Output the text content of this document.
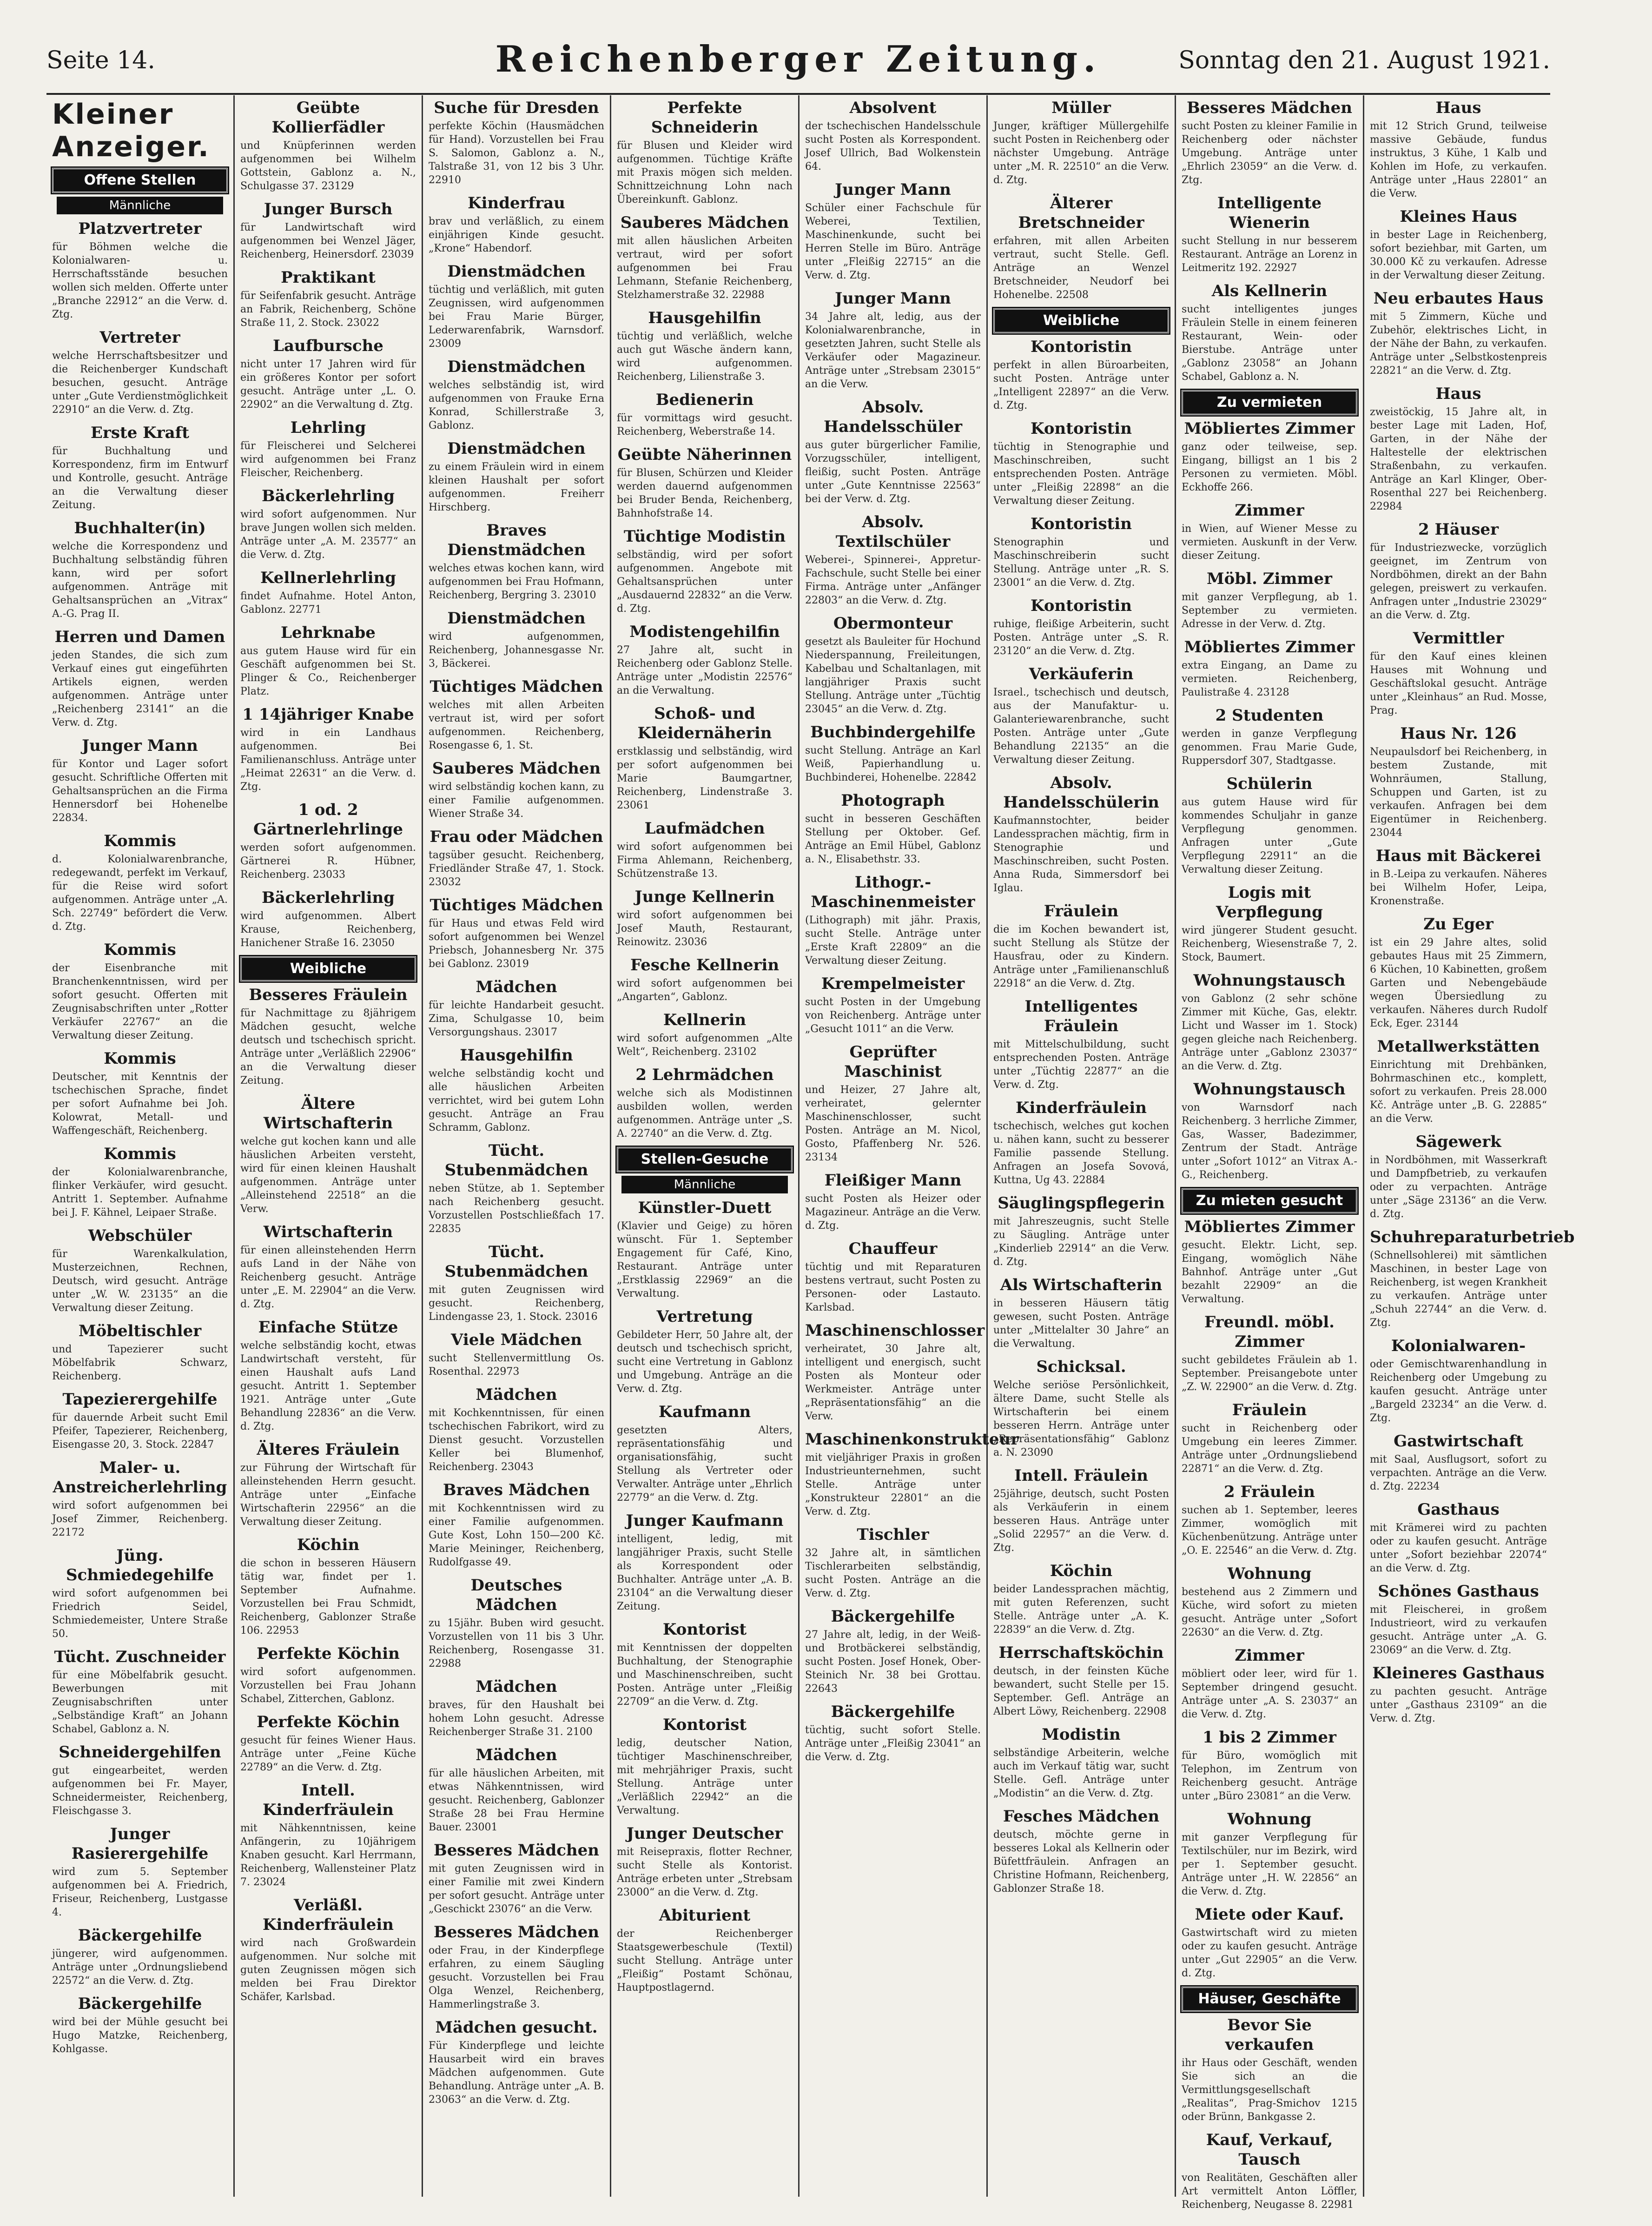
Seite 14.	Reichenberger Zeitung.	Sonntag den 21. August 1921.
Kleiner Anzeiger.
Offene Stellen
Männliche
Platzvertreter
für Böhmen welche die Kolonialwaren- u. Herrschaftsstände besuchen wollen sich melden. Offerte unter „Branche 22912“ an die Verw. d. Ztg.
Vertreter
welche Herrschaftsbesitzer und die Reichenberger Kundschaft besuchen, gesucht. Anträge unter „Gute Verdienstmöglichkeit 22910“ an die Verw. d. Ztg.
Erste Kraft
für Buchhaltung und Korrespondenz, firm im Entwurf und Kontrolle, gesucht. Anträge an die Verwaltung dieser Zeitung.
Buchhalter(in)
welche die Korrespondenz und Buchhaltung selbständig führen kann, wird per sofort aufgenommen. Anträge mit Gehaltsansprüchen an „Vitrax“ A.-G. Prag II.
Herren und Damen
jeden Standes, die sich zum Verkauf eines gut eingeführten Artikels eignen, werden aufgenommen. Anträge unter „Reichenberg 23141“ an die Verw. d. Ztg.
Junger Mann
für Kontor und Lager sofort gesucht. Schriftliche Offerten mit Gehaltsansprüchen an die Firma Hennersdorf bei Hohenelbe 22834.
Kommis
d. Kolonialwarenbranche, redegewandt, perfekt im Verkauf, für die Reise wird sofort aufgenommen. Anträge unter „A. Sch. 22749“ befördert die Verw. d. Ztg.
Kommis
der Eisenbranche mit Branchenkenntnissen, wird per sofort gesucht. Offerten mit Zeugnisabschriften unter „Rotter Verkäufer 22767“ an die Verwaltung dieser Zeitung.
Kommis
Deutscher, mit Kenntnis der tschechischen Sprache, findet per sofort Aufnahme bei Joh. Kolowrat, Metall- und Waffengeschäft, Reichenberg.
Kommis
der Kolonialwarenbranche, flinker Verkäufer, wird gesucht. Antritt 1. September. Aufnahme bei J. F. Kähnel, Leipaer Straße.
Webschüler
für Warenkalkulation, Musterzeichnen, Rechnen, Deutsch, wird gesucht. Anträge unter „W. W. 23135“ an die Verwaltung dieser Zeitung.
Möbeltischler
und Tapezierer sucht Möbelfabrik Schwarz, Reichenberg.
Tapezierergehilfe
für dauernde Arbeit sucht Emil Pfeifer, Tapezierer, Reichenberg, Eisengasse 20, 3. Stock. 22847
Maler- u. Anstreicherlehrling
wird sofort aufgenommen bei Josef Zimmer, Reichenberg. 22172
Jüng. Schmiedegehilfe
wird sofort aufgenommen bei Friedrich Seidel, Schmiedemeister, Untere Straße 50.
Tücht. Zuschneider
für eine Möbelfabrik gesucht. Bewerbungen mit Zeugnisabschriften unter „Selbständige Kraft“ an Johann Schabel, Gablonz a. N.
Schneidergehilfen
gut eingearbeitet, werden aufgenommen bei Fr. Mayer, Schneidermeister, Reichenberg, Fleischgasse 3.
Junger Rasierergehilfe
wird zum 5. September aufgenommen bei A. Friedrich, Friseur, Reichenberg, Lustgasse 4.
Bäckergehilfe
jüngerer, wird aufgenommen. Anträge unter „Ordnungsliebend 22572“ an die Verw. d. Ztg.
Bäckergehilfe
wird bei der Mühle gesucht bei Hugo Matzke, Reichenberg, Kohlgasse.
Geübte Kollierfädler
und Knüpferinnen werden aufgenommen bei Wilhelm Gottstein, Gablonz a. N., Schulgasse 37. 23129
Junger Bursch
für Landwirtschaft wird aufgenommen bei Wenzel Jäger, Reichenberg, Heinersdorf. 23039
Praktikant
für Seifenfabrik gesucht. Anträge an Fabrik, Reichenberg, Schöne Straße 11, 2. Stock. 23022
Laufbursche
nicht unter 17 Jahren wird für ein größeres Kontor per sofort gesucht. Anträge unter „L. O. 22902“ an die Verwaltung d. Ztg.
Lehrling
für Fleischerei und Selcherei wird aufgenommen bei Franz Fleischer, Reichenberg.
Bäckerlehrling
wird sofort aufgenommen. Nur brave Jungen wollen sich melden. Anträge unter „A. M. 23577“ an die Verw. d. Ztg.
Kellnerlehrling
findet Aufnahme. Hotel Anton, Gablonz. 22771
Lehrknabe
aus gutem Hause wird für ein Geschäft aufgenommen bei St. Plinger & Co., Reichenberger Platz.
1 14jähriger Knabe
wird in ein Landhaus aufgenommen. Bei Familienanschluss. Anträge unter „Heimat 22631“ an die Verw. d. Ztg.
1 od. 2 Gärtnerlehrlinge
werden sofort aufgenommen. Gärtnerei R. Hübner, Reichenberg. 23033
Bäckerlehrling
wird aufgenommen. Albert Krause, Reichenberg, Hanichener Straße 16. 23050
Weibliche
Besseres Fräulein
für Nachmittage zu 8jährigem Mädchen gesucht, welche deutsch und tschechisch spricht. Anträge unter „Verläßlich 22906“ an die Verwaltung dieser Zeitung.
Ältere Wirtschafterin
welche gut kochen kann und alle häuslichen Arbeiten versteht, wird für einen kleinen Haushalt aufgenommen. Anträge unter „Alleinstehend 22518“ an die Verw.
Wirtschafterin
für einen alleinstehenden Herrn aufs Land in der Nähe von Reichenberg gesucht. Anträge unter „E. M. 22904“ an die Verw. d. Ztg.
Einfache Stütze
welche selbständig kocht, etwas Landwirtschaft versteht, für einen Haushalt aufs Land gesucht. Antritt 1. September 1921. Anträge unter „Gute Behandlung 22836“ an die Verw. d. Ztg.
Älteres Fräulein
zur Führung der Wirtschaft für alleinstehenden Herrn gesucht. Anträge unter „Einfache Wirtschafterin 22956“ an die Verwaltung dieser Zeitung.
Köchin
die schon in besseren Häusern tätig war, findet per 1. September Aufnahme. Vorzustellen bei Frau Schmidt, Reichenberg, Gablonzer Straße 106. 22953
Perfekte Köchin
wird sofort aufgenommen. Vorzustellen bei Frau Johann Schabel, Zitterchen, Gablonz.
Perfekte Köchin
gesucht für feines Wiener Haus. Anträge unter „Feine Küche 22789“ an die Verw. d. Ztg.
Intell. Kinderfräulein
mit Nähkenntnissen, keine Anfängerin, zu 10jährigem Knaben gesucht. Karl Herrmann, Reichenberg, Wallensteiner Platz 7. 23024
Verläßl. Kinderfräulein
wird nach Großwardein aufgenommen. Nur solche mit guten Zeugnissen mögen sich melden bei Frau Direktor Schäfer, Karlsbad.
Suche für Dresden
perfekte Köchin (Hausmädchen für Hand). Vorzustellen bei Frau S. Salomon, Gablonz a. N., Talstraße 31, von 12 bis 3 Uhr. 22910
Kinderfrau
brav und verläßlich, zu einem einjährigen Kinde gesucht. „Krone“ Habendorf.
Dienstmädchen
tüchtig und verläßlich, mit guten Zeugnissen, wird aufgenommen bei Frau Marie Bürger, Lederwarenfabrik, Warnsdorf. 23009
Dienstmädchen
welches selbständig ist, wird aufgenommen von Frauke Erna Konrad, Schillerstraße 3, Gablonz.
Dienstmädchen
zu einem Fräulein wird in einem kleinen Haushalt per sofort aufgenommen. Freiherr Hirschberg.
Braves Dienstmädchen
welches etwas kochen kann, wird aufgenommen bei Frau Hofmann, Reichenberg, Bergring 3. 23010
Dienstmädchen
wird aufgenommen, Reichenberg, Johannesgasse Nr. 3, Bäckerei.
Tüchtiges Mädchen
welches mit allen Arbeiten vertraut ist, wird per sofort aufgenommen. Reichenberg, Rosengasse 6, 1. St.
Sauberes Mädchen
wird selbständig kochen kann, zu einer Familie aufgenommen. Wiener Straße 34.
Frau oder Mädchen
tagsüber gesucht. Reichenberg, Friedländer Straße 47, 1. Stock. 23032
Tüchtiges Mädchen
für Haus und etwas Feld wird sofort aufgenommen bei Wenzel Priebsch, Johannesberg Nr. 375 bei Gablonz. 23019
Mädchen
für leichte Handarbeit gesucht. Zima, Schulgasse 10, beim Versorgungshaus. 23017
Hausgehilfin
welche selbständig kocht und alle häuslichen Arbeiten verrichtet, wird bei gutem Lohn gesucht. Anträge an Frau Schramm, Gablonz.
Tücht. Stubenmädchen
neben Stütze, ab 1. September nach Reichenberg gesucht. Vorzustellen Postschließfach 17. 22835
Tücht. Stubenmädchen
mit guten Zeugnissen wird gesucht. Reichenberg, Lindengasse 23, 1. Stock. 23016
Viele Mädchen
sucht Stellenvermittlung Os. Rosenthal. 22973
Mädchen
mit Kochkenntnissen, für einen tschechischen Fabrikort, wird zu Dienst gesucht. Vorzustellen Keller bei Blumenhof, Reichenberg. 23043
Braves Mädchen
mit Kochkenntnissen wird zu einer Familie aufgenommen. Gute Kost, Lohn 150—200 Kč. Marie Meininger, Reichenberg, Rudolfgasse 49.
Deutsches Mädchen
zu 15jähr. Buben wird gesucht. Vorzustellen von 11 bis 3 Uhr. Reichenberg, Rosengasse 31. 22988
Mädchen
braves, für den Haushalt bei hohem Lohn gesucht. Adresse Reichenberger Straße 31. 2100
Mädchen
für alle häuslichen Arbeiten, mit etwas Nähkenntnissen, wird gesucht. Reichenberg, Gablonzer Straße 28 bei Frau Hermine Bauer. 23001
Besseres Mädchen
mit guten Zeugnissen wird in einer Familie mit zwei Kindern per sofort gesucht. Anträge unter „Geschickt 23076“ an die Verw.
Besseres Mädchen
oder Frau, in der Kinderpflege erfahren, zu einem Säugling gesucht. Vorzustellen bei Frau Olga Wenzel, Reichenberg, Hammerlingstraße 3.
Mädchen gesucht.
Für Kinderpflege und leichte Hausarbeit wird ein braves Mädchen aufgenommen. Gute Behandlung. Anträge unter „A. B. 23063“ an die Verw. d. Ztg.
Perfekte Schneiderin
für Blusen und Kleider wird aufgenommen. Tüchtige Kräfte mit Praxis mögen sich melden. Schnittzeichnung Lohn nach Übereinkunft. Gablonz.
Sauberes Mädchen
mit allen häuslichen Arbeiten vertraut, wird per sofort aufgenommen bei Frau Lehmann, Stefanie Reichenberg, Stelzhamerstraße 32. 22988
Hausgehilfin
tüchtig und verläßlich, welche auch gut Wäsche ändern kann, wird aufgenommen. Reichenberg, Lilienstraße 3.
Bedienerin
für vormittags wird gesucht. Reichenberg, Weberstraße 14.
Geübte Näherinnen
für Blusen, Schürzen und Kleider werden dauernd aufgenommen bei Bruder Benda, Reichenberg, Bahnhofstraße 14.
Tüchtige Modistin
selbständig, wird per sofort aufgenommen. Angebote mit Gehaltsansprüchen unter „Ausdauernd 22832“ an die Verw. d. Ztg.
Modistengehilfin
27 Jahre alt, sucht in Reichenberg oder Gablonz Stelle. Anträge unter „Modistin 22576“ an die Verwaltung.
Schoß- und Kleidernäherin
erstklassig und selbständig, wird per sofort aufgenommen bei Marie Baumgartner, Reichenberg, Lindenstraße 3. 23061
Laufmädchen
wird sofort aufgenommen bei Firma Ahlemann, Reichenberg, Schützenstraße 13.
Junge Kellnerin
wird sofort aufgenommen bei Josef Mauth, Restaurant, Reinowitz. 23036
Fesche Kellnerin
wird sofort aufgenommen bei „Angarten“, Gablonz.
Kellnerin
wird sofort aufgenommen „Alte Welt“, Reichenberg. 23102
2 Lehrmädchen
welche sich als Modistinnen ausbilden wollen, werden aufgenommen. Anträge unter „S. A. 22740“ an die Verw. d. Ztg.
Stellen-Gesuche
Männliche
Künstler-Duett
(Klavier und Geige) zu hören wünscht. Für 1. September Engagement für Café, Kino, Restaurant. Anträge unter „Erstklassig 22969“ an die Verwaltung.
Vertretung
Gebildeter Herr, 50 Jahre alt, der deutsch und tschechisch spricht, sucht eine Vertretung in Gablonz und Umgebung. Anträge an die Verw. d. Ztg.
Kaufmann
gesetzten Alters, repräsentationsfähig und organisationsfähig, sucht Stellung als Vertreter oder Verwalter. Anträge unter „Ehrlich 22779“ an die Verw. d. Ztg.
Junger Kaufmann
intelligent, ledig, mit langjähriger Praxis, sucht Stelle als Korrespondent oder Buchhalter. Anträge unter „A. B. 23104“ an die Verwaltung dieser Zeitung.
Kontorist
mit Kenntnissen der doppelten Buchhaltung, der Stenographie und Maschinenschreiben, sucht Posten. Anträge unter „Fleißig 22709“ an die Verw. d. Ztg.
Kontorist
ledig, deutscher Nation, tüchtiger Maschinenschreiber, mit mehrjähriger Praxis, sucht Stellung. Anträge unter „Verläßlich 22942“ an die Verwaltung.
Junger Deutscher
mit Reisepraxis, flotter Rechner, sucht Stelle als Kontorist. Anträge erbeten unter „Strebsam 23000“ an die Verw. d. Ztg.
Abiturient
der Reichenberger Staatsgewerbeschule (Textil) sucht Stellung. Anträge unter „Fleißig“ Postamt Schönau, Hauptpostlagernd.
Absolvent
der tschechischen Handelsschule sucht Posten als Korrespondent. Josef Ullrich, Bad Wolkenstein 64.
Junger Mann
Schüler einer Fachschule für Weberei, Textilien, Maschinenkunde, sucht bei Herren Stelle im Büro. Anträge unter „Fleißig 22715“ an die Verw. d. Ztg.
Junger Mann
34 Jahre alt, ledig, aus der Kolonialwarenbranche, in gesetzten Jahren, sucht Stelle als Verkäufer oder Magazineur. Anträge unter „Strebsam 23015“ an die Verw.
Absolv. Handelsschüler
aus guter bürgerlicher Familie, Vorzugsschüler, intelligent, fleißig, sucht Posten. Anträge unter „Gute Kenntnisse 22563“ bei der Verw. d. Ztg.
Absolv. Textilschüler
Weberei-, Spinnerei-, Appretur-Fachschule, sucht Stelle bei einer Firma. Anträge unter „Anfänger 22803“ an die Verw. d. Ztg.
Obermonteur
gesetzt als Bauleiter für Hochund Niederspannung, Freileitungen, Kabelbau und Schaltanlagen, mit langjähriger Praxis sucht Stellung. Anträge unter „Tüchtig 23045“ an die Verw. d. Ztg.
Buchbindergehilfe
sucht Stellung. Anträge an Karl Weiß, Papierhandlung u. Buchbinderei, Hohenelbe. 22842
Photograph
sucht in besseren Geschäften Stellung per Oktober. Gef. Anträge an Emil Hübel, Gablonz a. N., Elisabethstr. 33.
Lithogr.-Maschinenmeister
(Lithograph) mit jähr. Praxis, sucht Stelle. Anträge unter „Erste Kraft 22809“ an die Verwaltung dieser Zeitung.
Krempelmeister
sucht Posten in der Umgebung von Reichenberg. Anträge unter „Gesucht 1011“ an die Verw.
Geprüfter Maschinist
und Heizer, 27 Jahre alt, verheiratet, gelernter Maschinenschlosser, sucht Posten. Anträge an M. Nicol, Gosto, Pfaffenberg Nr. 526. 23134
Fleißiger Mann
sucht Posten als Heizer oder Magazineur. Anträge an die Verw. d. Ztg.
Chauffeur
tüchtig und mit Reparaturen bestens vertraut, sucht Posten zu Personen- oder Lastauto. Karlsbad.
Maschinenschlosser
verheiratet, 30 Jahre alt, intelligent und energisch, sucht Posten als Monteur oder Werkmeister. Anträge unter „Repräsentationsfähig“ an die Verw.
Maschinenkonstrukteur
mit vieljähriger Praxis in großen Industrieunternehmen, sucht Stelle. Anträge unter „Konstrukteur 22801“ an die Verw. d. Ztg.
Tischler
32 Jahre alt, in sämtlichen Tischlerarbeiten selbständig, sucht Posten. Anträge an die Verw. d. Ztg.
Bäckergehilfe
27 Jahre alt, ledig, in der Weiß- und Brotbäckerei selbständig, sucht Posten. Josef Honek, Ober-Steinich Nr. 38 bei Grottau. 22643
Bäckergehilfe
tüchtig, sucht sofort Stelle. Anträge unter „Fleißig 23041“ an die Verw. d. Ztg.
Müller
Junger, kräftiger Müllergehilfe sucht Posten in Reichenberg oder nächster Umgebung. Anträge unter „M. R. 22510“ an die Verw. d. Ztg.
Älterer Bretschneider
erfahren, mit allen Arbeiten vertraut, sucht Stelle. Gefl. Anträge an Wenzel Bretschneider, Neudorf bei Hohenelbe. 22508
Weibliche
Kontoristin
perfekt in allen Büroarbeiten, sucht Posten. Anträge unter „Intelligent 22897“ an die Verw. d. Ztg.
Kontoristin
tüchtig in Stenographie und Maschinschreiben, sucht entsprechenden Posten. Anträge unter „Fleißig 22898“ an die Verwaltung dieser Zeitung.
Kontoristin
Stenographin und Maschinschreiberin sucht Stellung. Anträge unter „R. S. 23001“ an die Verw. d. Ztg.
Kontoristin
ruhige, fleißige Arbeiterin, sucht Posten. Anträge unter „S. R. 23120“ an die Verw. d. Ztg.
Verkäuferin
Israel., tschechisch und deutsch, aus der Manufaktur- u. Galanteriewarenbranche, sucht Posten. Anträge unter „Gute Behandlung 22135“ an die Verwaltung dieser Zeitung.
Absolv. Handelsschülerin
Kaufmannstochter, beider Landessprachen mächtig, firm in Stenographie und Maschinschreiben, sucht Posten. Anna Ruda, Simmersdorf bei Iglau.
Fräulein
die im Kochen bewandert ist, sucht Stellung als Stütze der Hausfrau, oder zu Kindern. Anträge unter „Familienanschluß 22918“ an die Verw. d. Ztg.
Intelligentes Fräulein
mit Mittelschulbildung, sucht entsprechenden Posten. Anträge unter „Tüchtig 22877“ an die Verw. d. Ztg.
Kinderfräulein
tschechisch, welches gut kochen u. nähen kann, sucht zu besserer Familie passende Stellung. Anfragen an Josefa Sovová, Kuttna, Ug 43. 22884
Säuglingspflegerin
mit Jahreszeugnis, sucht Stelle zu Säugling. Anträge unter „Kinderlieb 22914“ an die Verw. d. Ztg.
Als Wirtschafterin
in besseren Häusern tätig gewesen, sucht Posten. Anträge unter „Mittelalter 30 Jahre“ an die Verwaltung.
Schicksal.
Welche seriöse Persönlichkeit, ältere Dame, sucht Stelle als Wirtschafterin bei einem besseren Herrn. Anträge unter „Repräsentationsfähig“ Gablonz a. N. 23090
Intell. Fräulein
25jährige, deutsch, sucht Posten als Verkäuferin in einem besseren Haus. Anträge unter „Solid 22957“ an die Verw. d. Ztg.
Köchin
beider Landessprachen mächtig, mit guten Referenzen, sucht Stelle. Anträge unter „A. K. 22839“ an die Verw. d. Ztg.
Herrschaftsköchin
deutsch, in der feinsten Küche bewandert, sucht Stelle per 15. September. Gefl. Anträge an Albert Löwy, Reichenberg. 22908
Modistin
selbständige Arbeiterin, welche auch im Verkauf tätig war, sucht Stelle. Gefl. Anträge unter „Modistin“ an die Verw. d. Ztg.
Fesches Mädchen
deutsch, möchte gerne in besseres Lokal als Kellnerin oder Büfettfräulein. Anfragen an Christine Hofmann, Reichenberg, Gablonzer Straße 18.
Besseres Mädchen
sucht Posten zu kleiner Familie in Reichenberg oder nächster Umgebung. Anträge unter „Ehrlich 23059“ an die Verw. d. Ztg.
Intelligente Wienerin
sucht Stellung in nur besserem Restaurant. Anträge an Lorenz in Leitmeritz 192. 22927
Als Kellnerin
sucht intelligentes junges Fräulein Stelle in einem feineren Restaurant, Wein- oder Bierstube. Anträge unter „Gablonz 23058“ an Johann Schabel, Gablonz a. N.
Zu vermieten
Möbliertes Zimmer
ganz oder teilweise, sep. Eingang, billigst an 1 bis 2 Personen zu vermieten. Möbl. Eckhoffe 266.
Zimmer
in Wien, auf Wiener Messe zu vermieten. Auskunft in der Verw. dieser Zeitung.
Möbl. Zimmer
mit ganzer Verpflegung, ab 1. September zu vermieten. Adresse in der Verw. d. Ztg.
Möbliertes Zimmer
extra Eingang, an Dame zu vermieten. Reichenberg, Paulistraße 4. 23128
2 Studenten
werden in ganze Verpflegung genommen. Frau Marie Gude, Ruppersdorf 307, Stadtgasse.
Schülerin
aus gutem Hause wird für kommendes Schuljahr in ganze Verpflegung genommen. Anfragen unter „Gute Verpflegung 22911“ an die Verwaltung dieser Zeitung.
Logis mit Verpflegung
wird jüngerer Student gesucht. Reichenberg, Wiesenstraße 7, 2. Stock, Baumert.
Wohnungstausch
von Gablonz (2 sehr schöne Zimmer mit Küche, Gas, elektr. Licht und Wasser im 1. Stock) gegen gleiche nach Reichenberg. Anträge unter „Gablonz 23037“ an die Verw. d. Ztg.
Wohnungstausch
von Warnsdorf nach Reichenberg. 3 herrliche Zimmer, Gas, Wasser, Badezimmer, Zentrum der Stadt. Anträge unter „Sofort 1012“ an Vitrax A.-G., Reichenberg.
Zu mieten gesucht
Möbliertes Zimmer
gesucht. Elektr. Licht, sep. Eingang, womöglich Nähe Bahnhof. Anträge unter „Gut bezahlt 22909“ an die Verwaltung.
Freundl. möbl. Zimmer
sucht gebildetes Fräulein ab 1. September. Preisangebote unter „Z. W. 22900“ an die Verw. d. Ztg.
Fräulein
sucht in Reichenberg oder Umgebung ein leeres Zimmer. Anträge unter „Ordnungsliebend 22871“ an die Verw. d. Ztg.
2 Fräulein
suchen ab 1. September, leeres Zimmer, womöglich mit Küchenbenützung. Anträge unter „O. E. 22546“ an die Verw. d. Ztg.
Wohnung
bestehend aus 2 Zimmern und Küche, wird sofort zu mieten gesucht. Anträge unter „Sofort 22630“ an die Verw. d. Ztg.
Zimmer
möbliert oder leer, wird für 1. September dringend gesucht. Anträge unter „A. S. 23037“ an die Verw. d. Ztg.
1 bis 2 Zimmer
für Büro, womöglich mit Telephon, im Zentrum von Reichenberg gesucht. Anträge unter „Büro 23081“ an die Verw.
Wohnung
mit ganzer Verpflegung für Textilschüler, nur im Bezirk, wird per 1. September gesucht. Anträge unter „H. W. 22856“ an die Verw. d. Ztg.
Miete oder Kauf.
Gastwirtschaft wird zu mieten oder zu kaufen gesucht. Anträge unter „Gut 22905“ an die Verw. d. Ztg.
Häuser, Geschäfte
Bevor Sie verkaufen
ihr Haus oder Geschäft, wenden Sie sich an die Vermittlungsgesellschaft „Realitas“, Prag-Smichov 1215 oder Brünn, Bankgasse 2.
Kauf, Verkauf, Tausch
von Realitäten, Geschäften aller Art vermittelt Anton Löffler, Reichenberg, Neugasse 8. 22981
Haus
mit 12 Strich Grund, teilweise massive Gebäude, fundus instruktus, 3 Kühe, 1 Kalb und Kohlen im Hofe, zu verkaufen. Anträge unter „Haus 22801“ an die Verw.
Kleines Haus
in bester Lage in Reichenberg, sofort beziehbar, mit Garten, um 30.000 Kč zu verkaufen. Adresse in der Verwaltung dieser Zeitung.
Neu erbautes Haus
mit 5 Zimmern, Küche und Zubehör, elektrisches Licht, in der Nähe der Bahn, zu verkaufen. Anträge unter „Selbstkostenpreis 22821“ an die Verw. d. Ztg.
Haus
zweistöckig, 15 Jahre alt, in bester Lage mit Laden, Hof, Garten, in der Nähe der Haltestelle der elektrischen Straßenbahn, zu verkaufen. Anträge an Karl Klinger, Ober-Rosenthal 227 bei Reichenberg. 22984
2 Häuser
für Industriezwecke, vorzüglich geeignet, im Zentrum von Nordböhmen, direkt an der Bahn gelegen, preiswert zu verkaufen. Anfragen unter „Industrie 23029“ an die Verw. d. Ztg.
Vermittler
für den Kauf eines kleinen Hauses mit Wohnung und Geschäftslokal gesucht. Anträge unter „Kleinhaus“ an Rud. Mosse, Prag.
Haus Nr. 126
Neupaulsdorf bei Reichenberg, in bestem Zustande, mit Wohnräumen, Stallung, Schuppen und Garten, ist zu verkaufen. Anfragen bei dem Eigentümer in Reichenberg. 23044
Haus mit Bäckerei
in B.-Leipa zu verkaufen. Näheres bei Wilhelm Hofer, Leipa, Kronenstraße.
Zu Eger
ist ein 29 Jahre altes, solid gebautes Haus mit 25 Zimmern, 6 Küchen, 10 Kabinetten, großem Garten und Nebengebäude wegen Übersiedlung zu verkaufen. Näheres durch Rudolf Eck, Eger. 23144
Metallwerkstätten
Einrichtung mit Drehbänken, Bohrmaschinen etc., komplett, sofort zu verkaufen. Preis 28.000 Kč. Anträge unter „B. G. 22885“ an die Verw.
Sägewerk
in Nordböhmen, mit Wasserkraft und Dampfbetrieb, zu verkaufen oder zu verpachten. Anträge unter „Säge 23136“ an die Verw. d. Ztg.
Schuhreparaturbetrieb
(Schnellsohlerei) mit sämtlichen Maschinen, in bester Lage von Reichenberg, ist wegen Krankheit zu verkaufen. Anträge unter „Schuh 22744“ an die Verw. d. Ztg.
Kolonialwaren-
oder Gemischtwarenhandlung in Reichenberg oder Umgebung zu kaufen gesucht. Anträge unter „Bargeld 23234“ an die Verw. d. Ztg.
Gastwirtschaft
mit Saal, Ausflugsort, sofort zu verpachten. Anträge an die Verw. d. Ztg. 22234
Gasthaus
mit Krämerei wird zu pachten oder zu kaufen gesucht. Anträge unter „Sofort beziehbar 22074“ an die Verw. d. Ztg.
Schönes Gasthaus
mit Fleischerei, in großem Industrieort, wird zu verkaufen gesucht. Anträge unter „A. G. 23069“ an die Verw. d. Ztg.
Kleineres Gasthaus
zu pachten gesucht. Anträge unter „Gasthaus 23109“ an die Verw. d. Ztg.
